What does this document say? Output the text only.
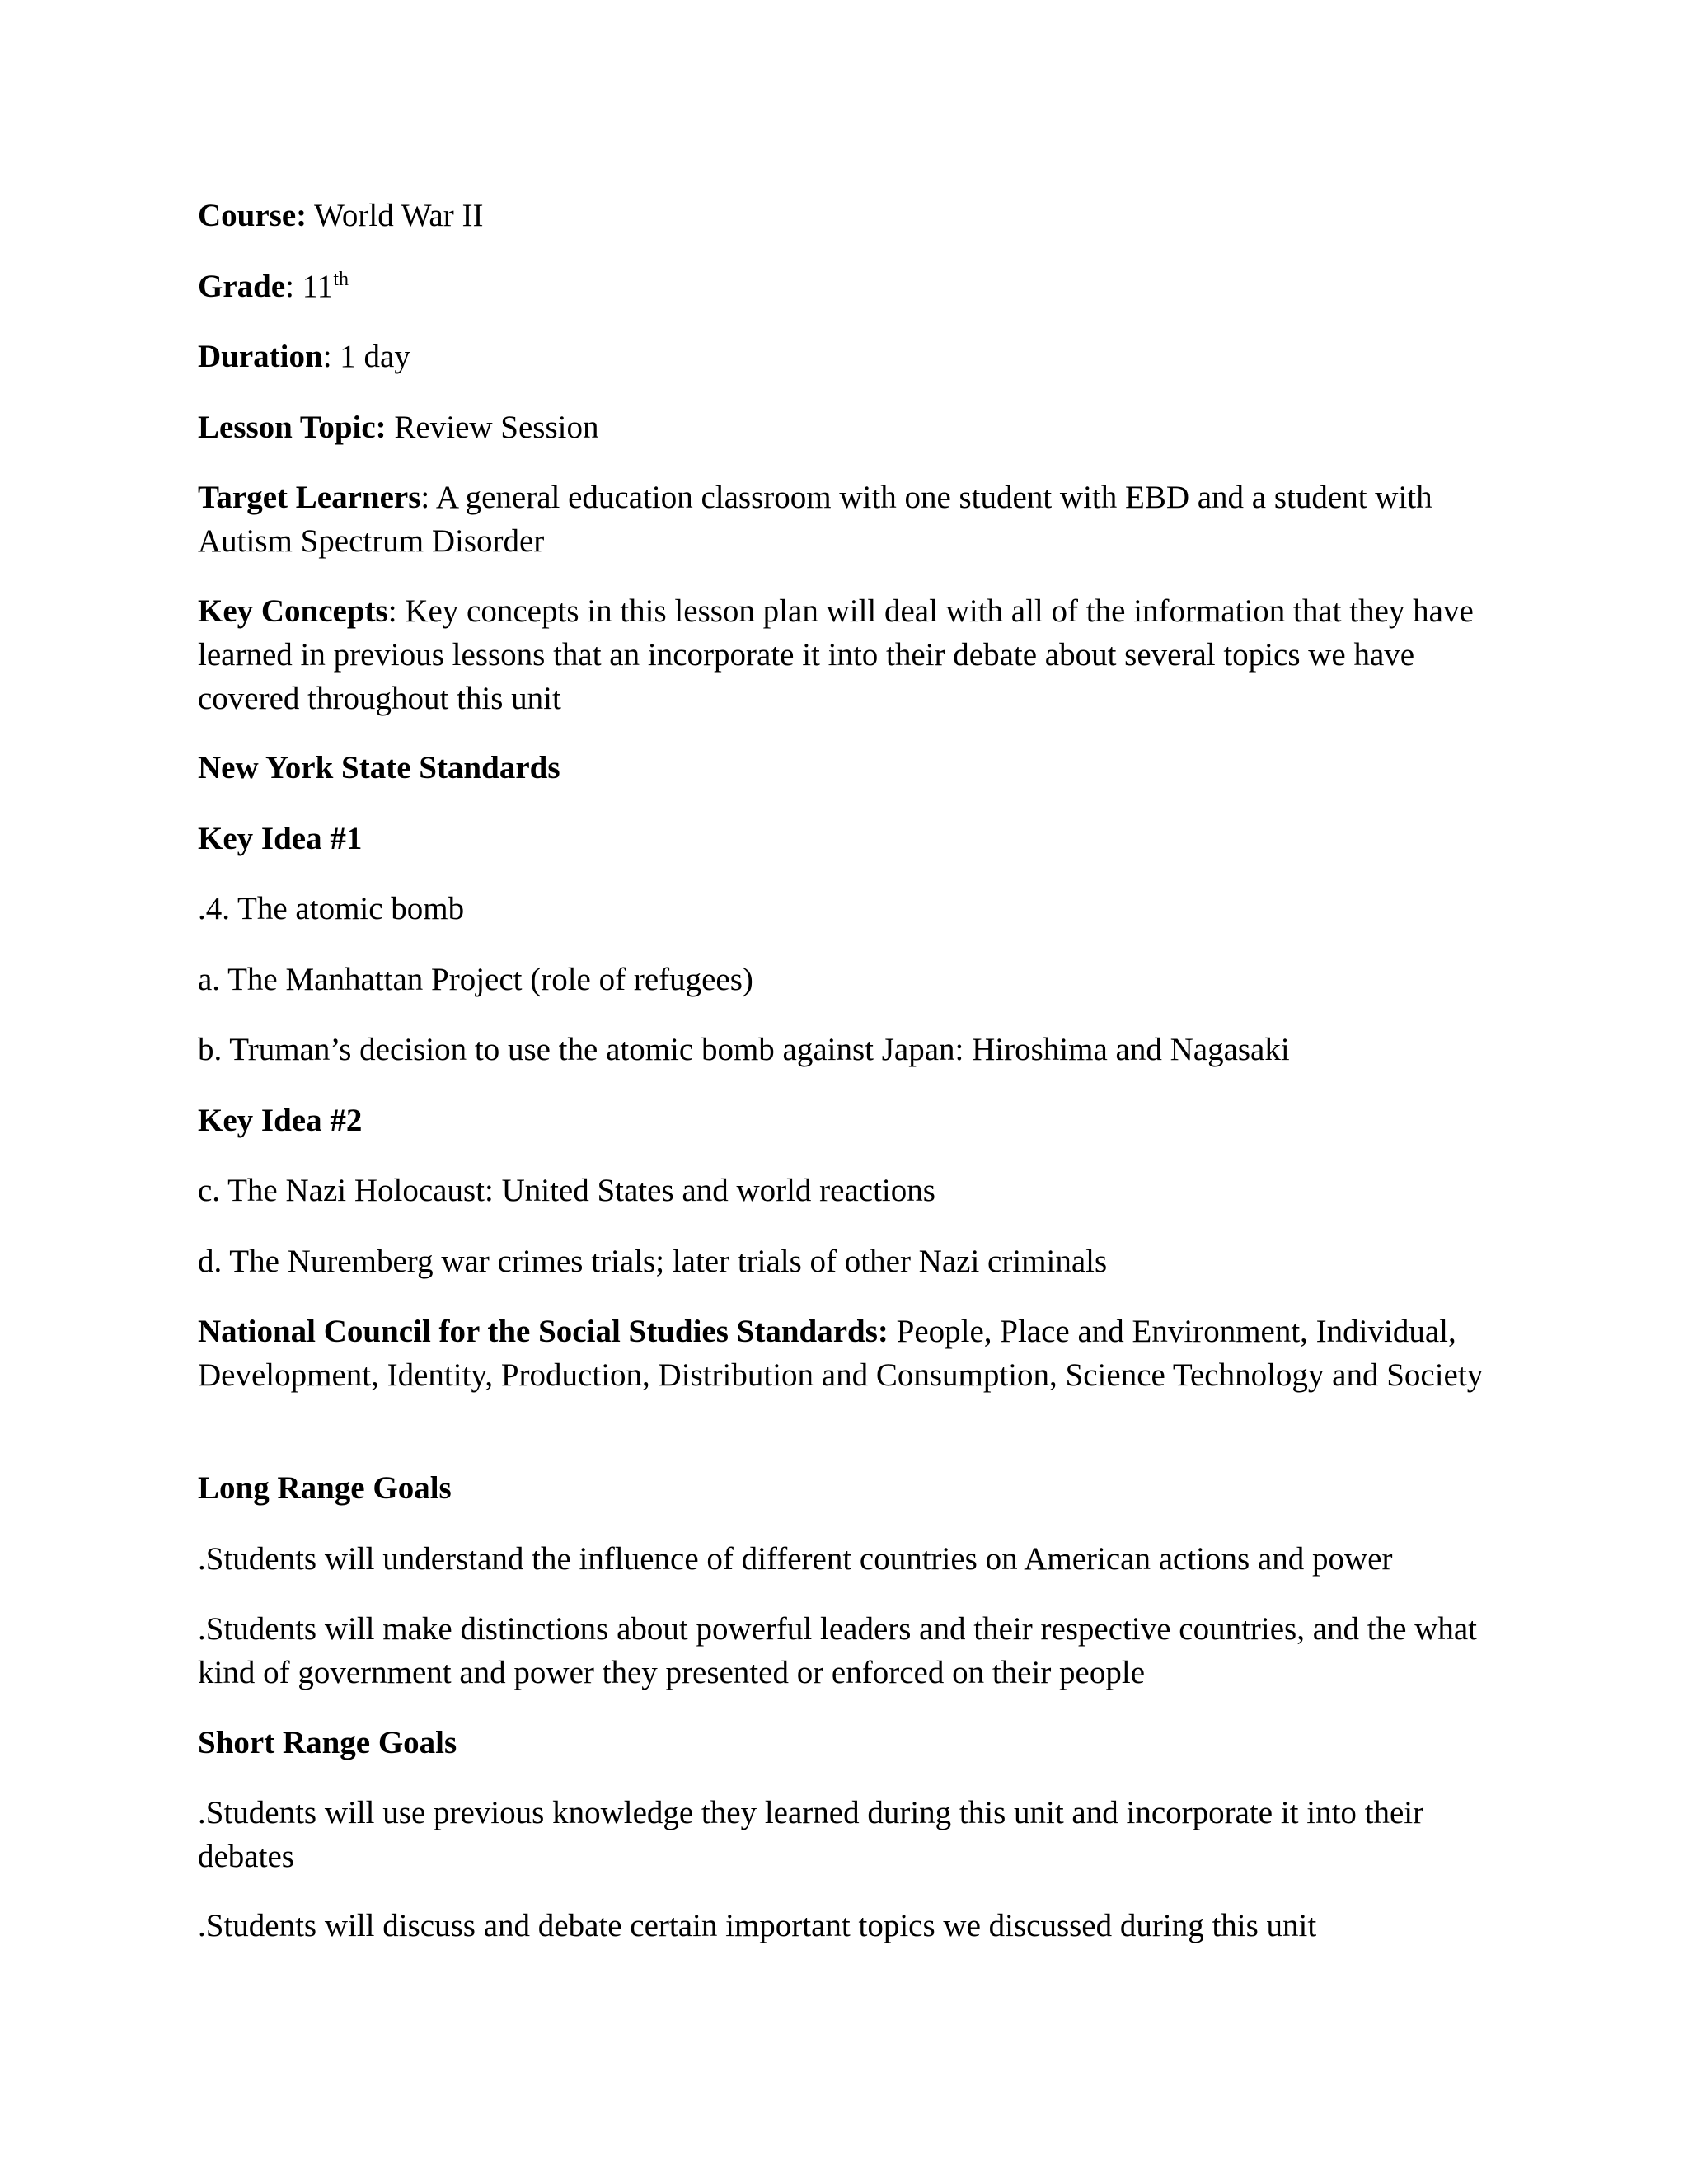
Course: World War II

Grade: 11th

Duration: 1 day

Lesson Topic: Review Session

Target Learners: A general education classroom with one student with EBD and a student with Autism Spectrum Disorder

Key Concepts: Key concepts in this lesson plan will deal with all of the information that they have learned in previous lessons that an incorporate it into their debate about several topics we have covered throughout this unit

New York State Standards

Key Idea #1

.4. The atomic bomb

a. The Manhattan Project (role of refugees)

b. Truman’s decision to use the atomic bomb against Japan: Hiroshima and Nagasaki

Key Idea #2

c. The Nazi Holocaust: United States and world reactions

d. The Nuremberg war crimes trials; later trials of other Nazi criminals

National Council for the Social Studies Standards: People, Place and Environment, Individual, Development, Identity, Production, Distribution and Consumption, Science Technology and Society

Long Range Goals

.Students will understand the influence of different countries on American actions and power

.Students will make distinctions about powerful leaders and their respective countries, and the what kind of government and power they presented or enforced on their people

Short Range Goals

.Students will use previous knowledge they learned during this unit and incorporate it into their debates

.Students will discuss and debate certain important topics we discussed during this unit
